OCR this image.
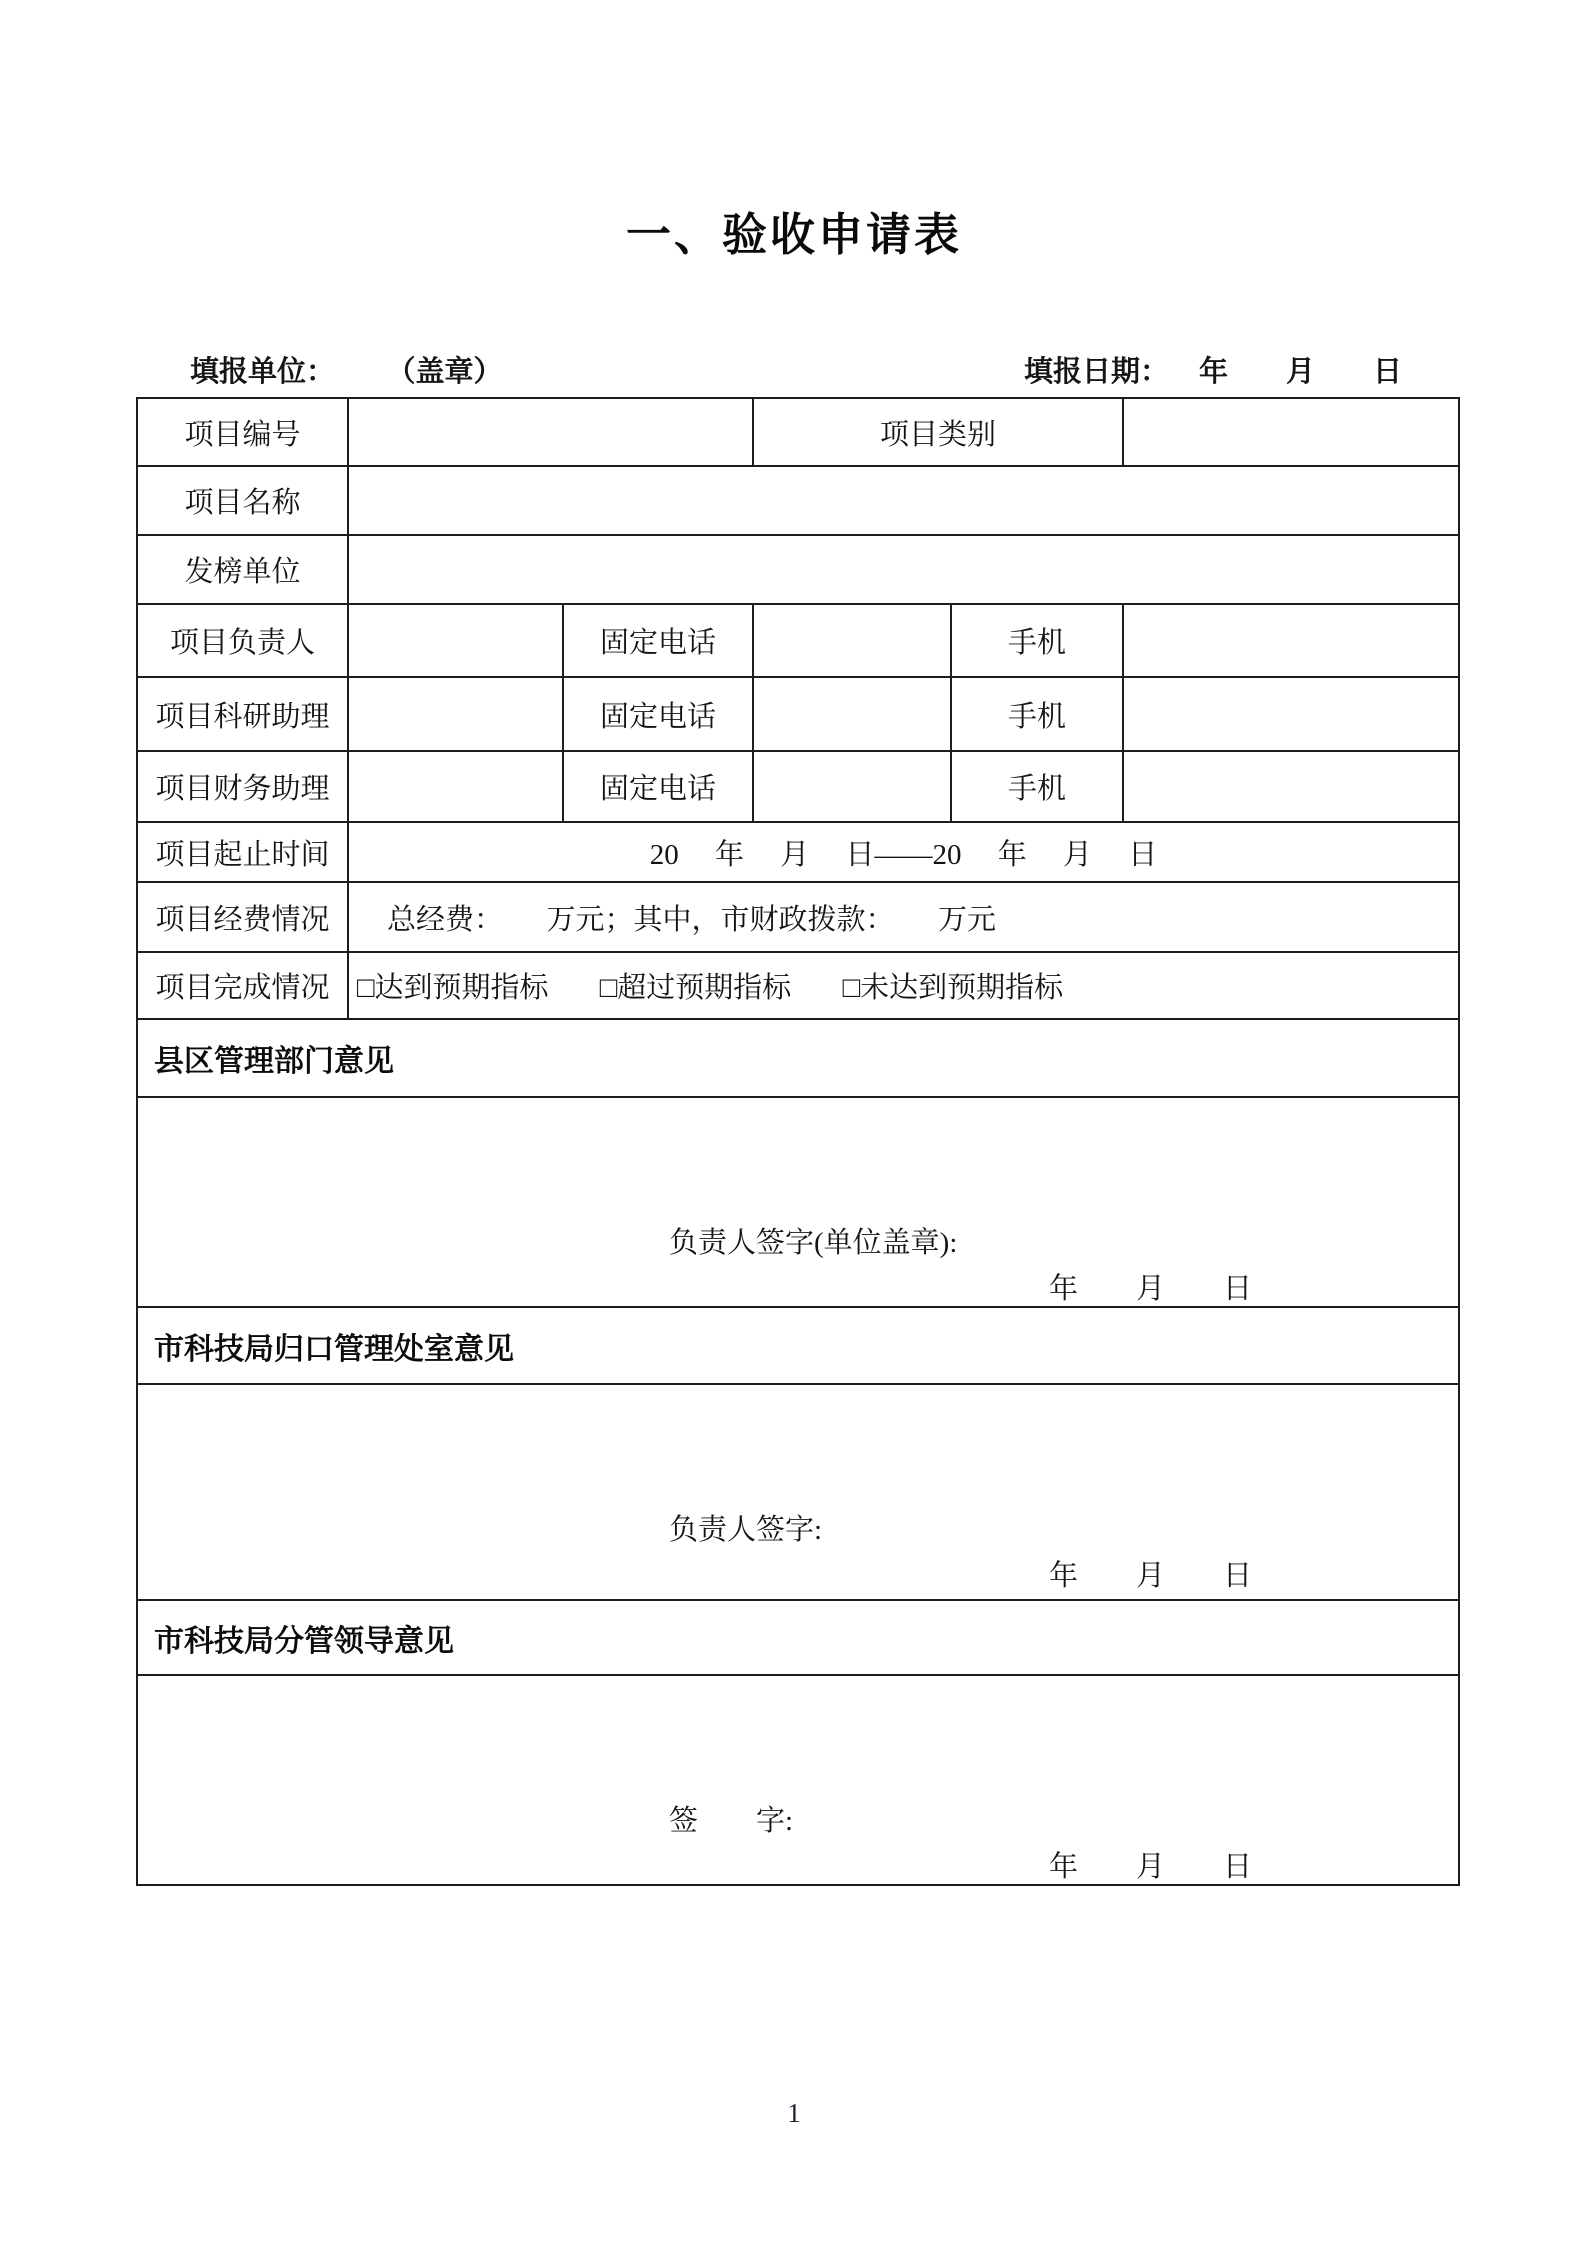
一、验收申请表
填报单位： （盖章）	填报日期： 年　　月　　日
项目编号			项目类别		
项目名称					
发榜单位					
项目负责人		固定电话		手机	
项目科研助理		固定电话		手机	
项目财务助理		固定电话		手机	
项目起止时间	20　 年　 月　 日——20　 年　 月　 日				
项目经费情况	总经费：　　万元；其中，市财政拨款：　　万元				
项目完成情况	□达到预期指标 □超过预期指标 □未达到预期指标				
县区管理部门意见					

负责人签字(单位盖章):
年　　月　　日					

市科技局归口管理处室意见					

负责人签字:
年　　月　　日					

市科技局分管领导意见					

签　　字:
年　　月　　日					
1
